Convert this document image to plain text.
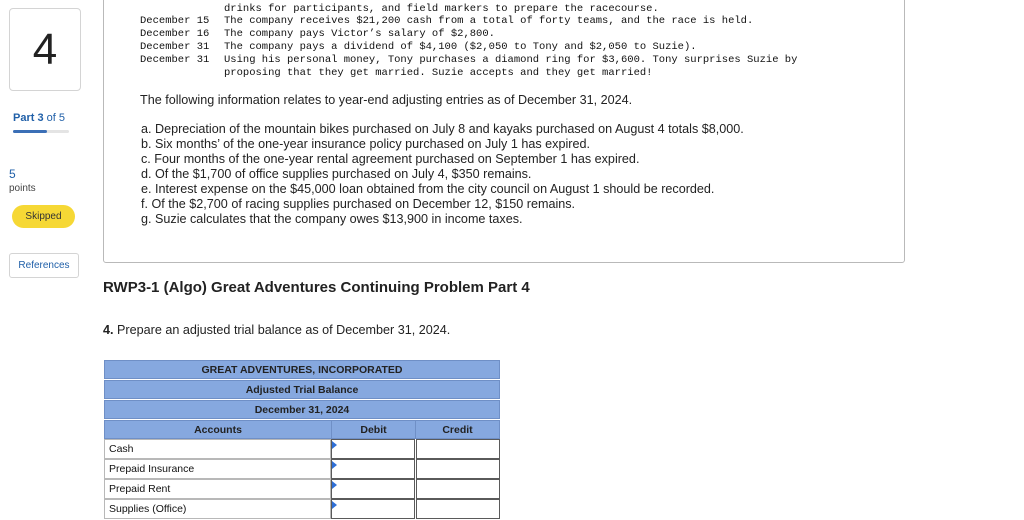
4
Part 3 of 5
5
points
Skipped
References
drinks for participants, and field markers to prepare the racecourse.
December 15 The company receives $21,200 cash from a total of forty teams, and the race is held.
December 16 The company pays Victor’s salary of $2,800.
December 31 The company pays a dividend of $4,100 ($2,050 to Tony and $2,050 to Suzie).
December 31 Using his personal money, Tony purchases a diamond ring for $3,600. Tony surprises Suzie by
proposing that they get married. Suzie accepts and they get married!
The following information relates to year-end adjusting entries as of December 31, 2024.
a. Depreciation of the mountain bikes purchased on July 8 and kayaks purchased on August 4 totals $8,000.
b. Six months’ of the one-year insurance policy purchased on July 1 has expired.
c. Four months of the one-year rental agreement purchased on September 1 has expired.
d. Of the $1,700 of office supplies purchased on July 4, $350 remains.
e. Interest expense on the $45,000 loan obtained from the city council on August 1 should be recorded.
f. Of the $2,700 of racing supplies purchased on December 12, $150 remains.
g. Suzie calculates that the company owes $13,900 in income taxes.
RWP3-1 (Algo) Great Adventures Continuing Problem Part 4
4. Prepare an adjusted trial balance as of December 31, 2024.
GREAT ADVENTURES, INCORPORATED
Adjusted Trial Balance
December 31, 2024
Accounts	Debit	Credit
Cash
Prepaid Insurance
Prepaid Rent
Supplies (Office)
